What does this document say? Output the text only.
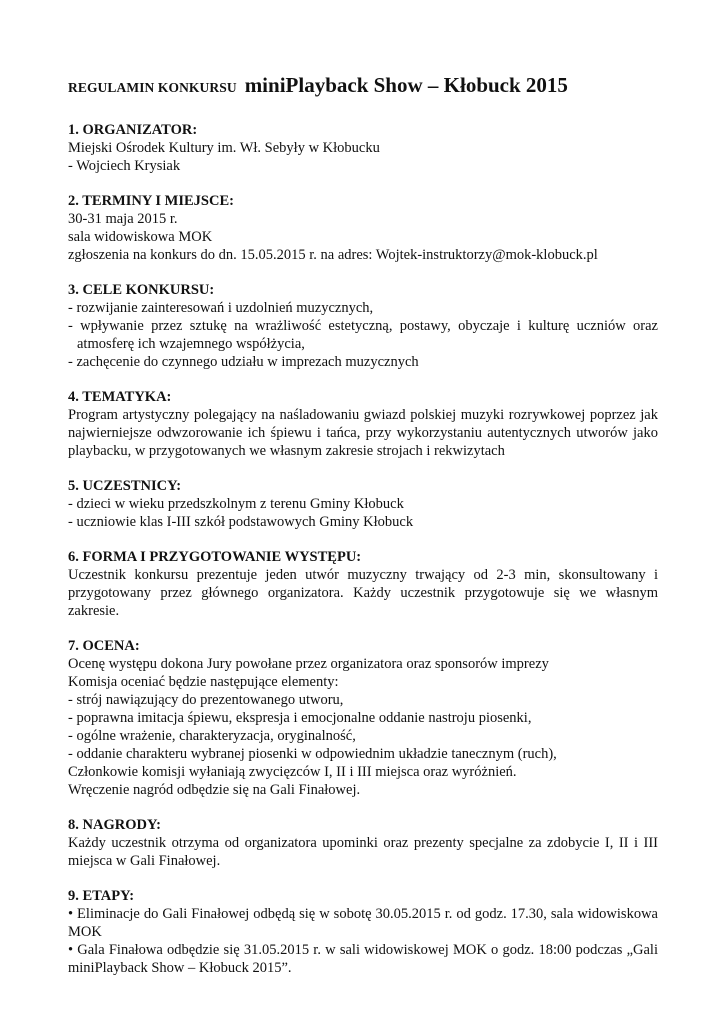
REGULAMIN KONKURSU miniPlayback Show – Kłobuck 2015

1. ORGANIZATOR:

Miejski Ośrodek Kultury im. Wł. Sebyły w Kłobucku

- Wojciech Krysiak

2. TERMINY I MIEJSCE:

30-31 maja 2015 r.

sala widowiskowa MOK

zgłoszenia na konkurs do dn. 15.05.2015 r. na adres: Wojtek-instruktorzy@mok-klobuck.pl

3. CELE KONKURSU:

- rozwijanie zainteresowań i uzdolnień muzycznych,

- wpływanie przez sztukę na wrażliwość estetyczną, postawy, obyczaje i kulturę uczniów oraz atmosferę ich wzajemnego współżycia,

- zachęcenie do czynnego udziału w imprezach muzycznych

4. TEMATYKA:

Program artystyczny polegający na naśladowaniu gwiazd polskiej muzyki rozrywkowej poprzez jak najwierniejsze odwzorowanie ich śpiewu i tańca, przy wykorzystaniu autentycznych utworów jako playbacku, w przygotowanych we własnym zakresie strojach i rekwizytach

5. UCZESTNICY:

- dzieci w wieku przedszkolnym z terenu Gminy Kłobuck

- uczniowie klas I-III szkół podstawowych Gminy Kłobuck

6. FORMA I PRZYGOTOWANIE WYSTĘPU:

Uczestnik konkursu prezentuje jeden utwór muzyczny trwający od 2-3 min, skonsultowany i przygotowany przez głównego organizatora. Każdy uczestnik przygotowuje się we własnym zakresie.

7. OCENA:

Ocenę występu dokona Jury powołane przez organizatora oraz sponsorów imprezy

Komisja oceniać będzie następujące elementy:

- strój nawiązujący do prezentowanego utworu,

- poprawna imitacja śpiewu, ekspresja i emocjonalne oddanie nastroju piosenki,

- ogólne wrażenie, charakteryzacja, oryginalność,

- oddanie charakteru wybranej piosenki w odpowiednim układzie tanecznym (ruch),

Członkowie komisji wyłaniają zwycięzców I, II i III miejsca oraz wyróżnień.

Wręczenie nagród odbędzie się na Gali Finałowej.

8. NAGRODY:

Każdy uczestnik otrzyma od organizatora upominki oraz prezenty specjalne za zdobycie I, II i III miejsca w Gali Finałowej.

9. ETAPY:

• Eliminacje do Gali Finałowej odbędą się w sobotę 30.05.2015 r. od godz. 17.30, sala widowiskowa MOK

• Gala Finałowa odbędzie się 31.05.2015 r. w sali widowiskowej MOK o godz. 18:00 podczas „Gali miniPlayback Show – Kłobuck 2015”.
